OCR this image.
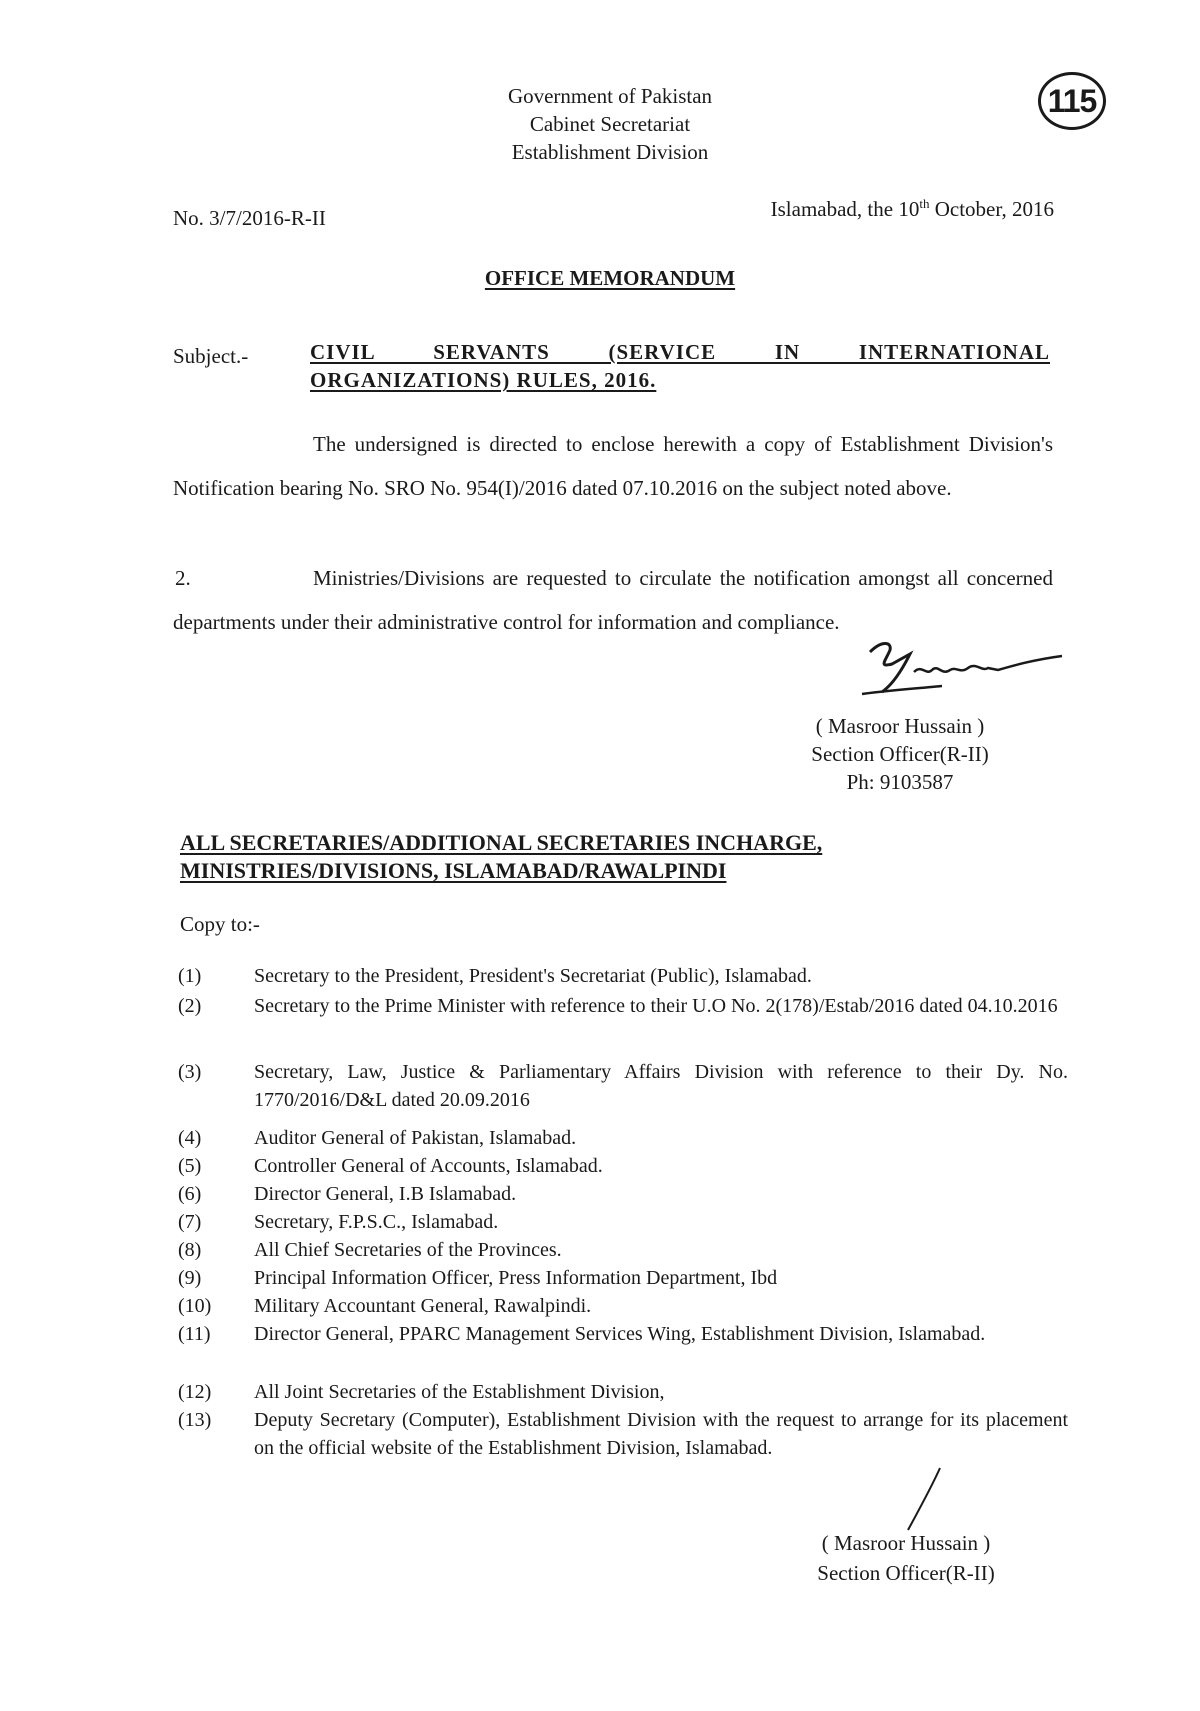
Government of Pakistan
Cabinet Secretariat
Establishment Division
115
No. 3/7/2016-R-II	Islamabad, the 10th October, 2016
OFFICE MEMORANDUM
Subject.-	CIVIL SERVANTS (SERVICE IN INTERNATIONAL
ORGANIZATIONS) RULES, 2016.
The undersigned is directed to enclose herewith a copy of Establishment Division's Notification bearing No. SRO No. 954(I)/2016 dated 07.10.2016 on the subject noted above.
2.	Ministries/Divisions are requested to circulate the notification amongst all concerned departments under their administrative control for information and compliance.
( Masroor Hussain )
Section Officer(R-II)
Ph: 9103587
ALL SECRETARIES/ADDITIONAL SECRETARIES INCHARGE,
MINISTRIES/DIVISIONS, ISLAMABAD/RAWALPINDI
Copy to:-
(1)	Secretary to the President, President's Secretariat (Public), Islamabad.
(2)	Secretary to the Prime Minister with reference to their U.O No. 2(178)/Estab/2016 dated 04.10.2016
(3)	Secretary, Law, Justice & Parliamentary Affairs Division with reference to their Dy. No. 1770/2016/D&L dated 20.09.2016
(4)	Auditor General of Pakistan, Islamabad.
(5)	Controller General of Accounts, Islamabad.
(6)	Director General, I.B Islamabad.
(7)	Secretary, F.P.S.C., Islamabad.
(8)	All Chief Secretaries of the Provinces.
(9)	Principal Information Officer, Press Information Department, Ibd
(10)	Military Accountant General, Rawalpindi.
(11)	Director General, PPARC Management Services Wing, Establishment Division, Islamabad.
(12)	All Joint Secretaries of the Establishment Division,
(13)	Deputy Secretary (Computer), Establishment Division with the request to arrange for its placement on the official website of the Establishment Division, Islamabad.
( Masroor Hussain )
Section Officer(R-II)
